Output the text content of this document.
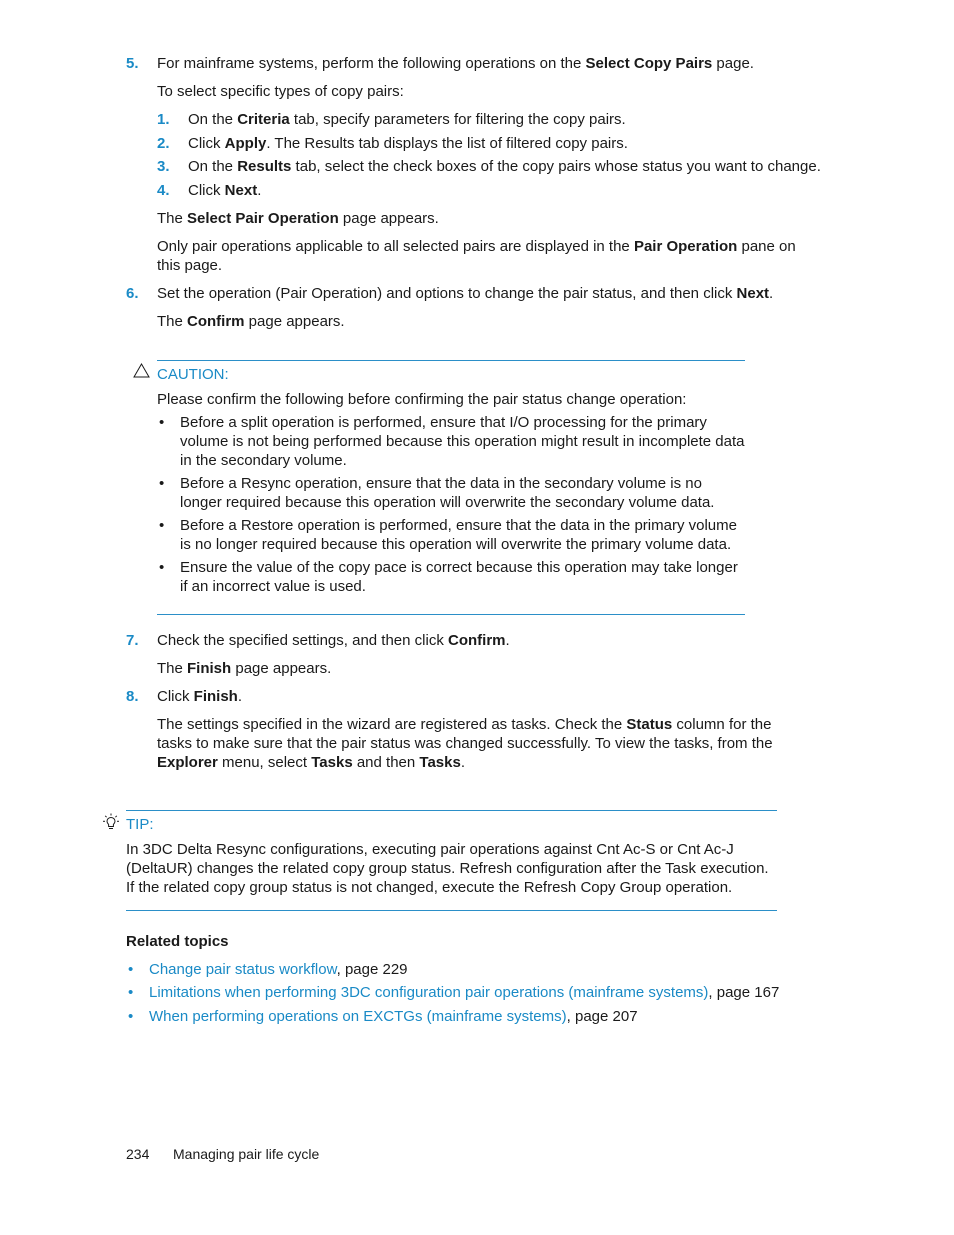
5. For mainframe systems, perform the following operations on the Select Copy Pairs page.
To select specific types of copy pairs:
1. On the Criteria tab, specify parameters for filtering the copy pairs.
2. Click Apply. The Results tab displays the list of filtered copy pairs.
3. On the Results tab, select the check boxes of the copy pairs whose status you want to change.
4. Click Next.
The Select Pair Operation page appears.
Only pair operations applicable to all selected pairs are displayed in the Pair Operation pane on this page.
6. Set the operation (Pair Operation) and options to change the pair status, and then click Next.
The Confirm page appears.
CAUTION:
Please confirm the following before confirming the pair status change operation:
• Before a split operation is performed, ensure that I/O processing for the primary volume is not being performed because this operation might result in incomplete data in the secondary volume.
• Before a Resync operation, ensure that the data in the secondary volume is no longer required because this operation will overwrite the secondary volume data.
• Before a Restore operation is performed, ensure that the data in the primary volume is no longer required because this operation will overwrite the primary volume data.
• Ensure the value of the copy pace is correct because this operation may take longer if an incorrect value is used.
7. Check the specified settings, and then click Confirm.
The Finish page appears.
8. Click Finish.
The settings specified in the wizard are registered as tasks. Check the Status column for the tasks to make sure that the pair status was changed successfully. To view the tasks, from the Explorer menu, select Tasks and then Tasks.
TIP:
In 3DC Delta Resync configurations, executing pair operations against Cnt Ac-S or Cnt Ac-J (DeltaUR) changes the related copy group status. Refresh configuration after the Task execution. If the related copy group status is not changed, execute the Refresh Copy Group operation.
Related topics
• Change pair status workflow, page 229
• Limitations when performing 3DC configuration pair operations (mainframe systems), page 167
• When performing operations on EXCTGs (mainframe systems), page 207
234 Managing pair life cycle
